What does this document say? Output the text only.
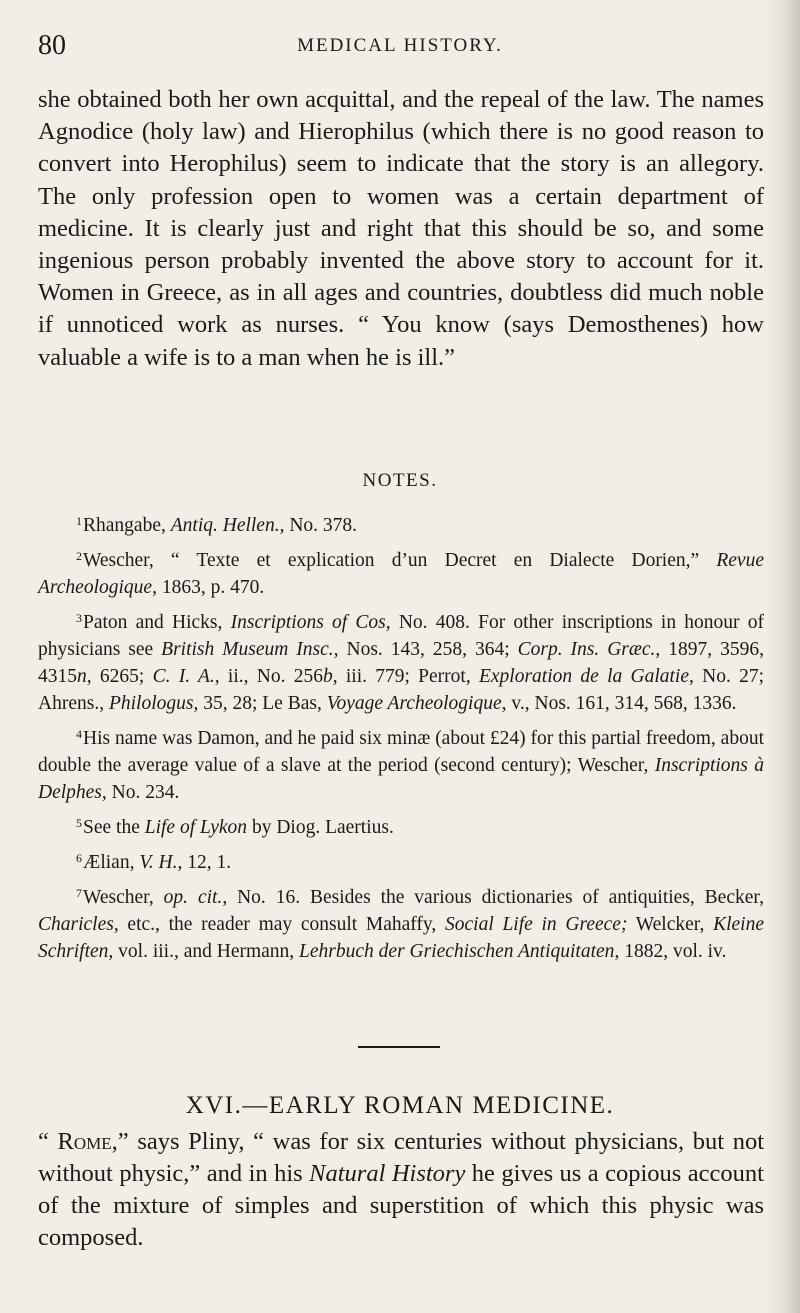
80	MEDICAL HISTORY.

she obtained both her own acquittal, and the repeal of the law. The names Agnodice (holy law) and Hierophilus (which there is no good reason to convert into Herophilus) seem to indicate that the story is an allegory. The only profession open to women was a certain department of medicine. It is clearly just and right that this should be so, and some ingenious person probably invented the above story to account for it. Women in Greece, as in all ages and countries, doubtless did much noble if unnoticed work as nurses. “ You know (says Demosthenes) how valuable a wife is to a man when he is ill.”

NOTES.

$^1$Rhangabe, Antiq. Hellen., No. 378.

$^2$Wescher, “ Texte et explication d’un Decret en Dialecte Dorien,” Revue Archeologique, 1863, p. 470.

$^3$Paton and Hicks, Inscriptions of Cos, No. 408. For other inscriptions in honour of physicians see British Museum Insc., Nos. 143, 258, 364; Corp. Ins. Græc., 1897, 3596, 4315n, 6265; C. I. A., ii., No. 256b, iii. 779; Perrot, Exploration de la Galatie, No. 27; Ahrens., Philologus, 35, 28; Le Bas, Voyage Archeologique, v., Nos. 161, 314, 568, 1336.

$^4$His name was Damon, and he paid six minæ (about £24) for this partial freedom, about double the average value of a slave at the period (second century); Wescher, Inscriptions à Delphes, No. 234.

$^5$See the Life of Lykon by Diog. Laertius.

$^6$Ælian, V. H., 12, 1.

$^7$Wescher, op. cit., No. 16. Besides the various dictionaries of antiquities, Becker, Charicles, etc., the reader may consult Mahaffy, Social Life in Greece; Welcker, Kleine Schriften, vol. iii., and Hermann, Lehrbuch der Griechischen Antiquitaten, 1882, vol. iv.

XVI.—EARLY ROMAN MEDICINE.

“ Rome,” says Pliny, “ was for six centuries without physicians, but not without physic,” and in his Natural History he gives us a copious account of the mixture of simples and superstition of which this physic was composed.
